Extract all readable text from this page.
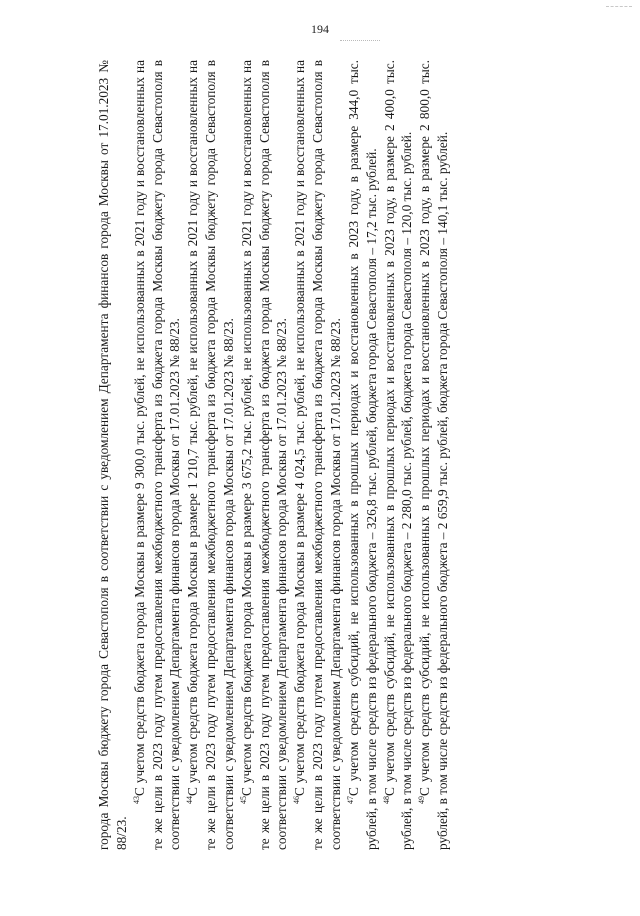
194

города Москвы бюджету города Севастополя в соответствии с уведомлением Департамента финансов города Москвы от 17.01.2023 № 88/23.

$^{43}$С учетом средств бюджета города Москвы в размере 9 300,0 тыс. рублей, не использованных в 2021 году и восстановленных на те же цели в 2023 году путем предоставления межбюджетного трансферта из бюджета города Москвы бюджету города Севастополя в соответствии с уведомлением Департамента финансов города Москвы от 17.01.2023 № 88/23. $^{44}$С учетом средств бюджета города Москвы в размере 1 210,7 тыс. рублей, не использованных в 2021 году и восстановленных на те же цели в 2023 году путем предоставления межбюджетного трансферта из бюджета города Москвы бюджету города Севастополя в соответствии с уведомлением Департамента финансов города Москвы от 17.01.2023 № 88/23. $^{45}$С учетом средств бюджета города Москвы в размере 3 675,2 тыс. рублей, не использованных в 2021 году и восстановленных на те же цели в 2023 году путем предоставления межбюджетного трансферта из бюджета города Москвы бюджету города Севастополя в соответствии с уведомлением Департамента финансов города Москвы от 17.01.2023 № 88/23. $^{46}$С учетом средств бюджета города Москвы в размере 4 024,5 тыс. рублей, не использованных в 2021 году и восстановленных на те же цели в 2023 году путем предоставления межбюджетного трансферта из бюджета города Москвы бюджету города Севастополя в соответствии с уведомлением Департамента финансов города Москвы от 17.01.2023 № 88/23. $^{47}$С учетом средств субсидий, не использованных в прошлых периодах и восстановленных в 2023 году, в размере 344,0 тыс. рублей, в том числе средств из федерального бюджета – 326,8 тыс. рублей, бюджета города Севастополя – 17,2 тыс. рублей. $^{48}$С учетом средств субсидий, не использованных в прошлых периодах и восстановленных в 2023 году, в размере 2 400,0 тыс. рублей, в том числе средств из федерального бюджета – 2 280,0 тыс. рублей, бюджета города Севастополя – 120,0 тыс. рублей. $^{49}$С учетом средств субсидий, не использованных в прошлых периодах и восстановленных в 2023 году, в размере 2 800,0 тыс. рублей, в том числе средств из федерального бюджета – 2 659,9 тыс. рублей, бюджета города Севастополя – 140,1 тыс. рублей.
